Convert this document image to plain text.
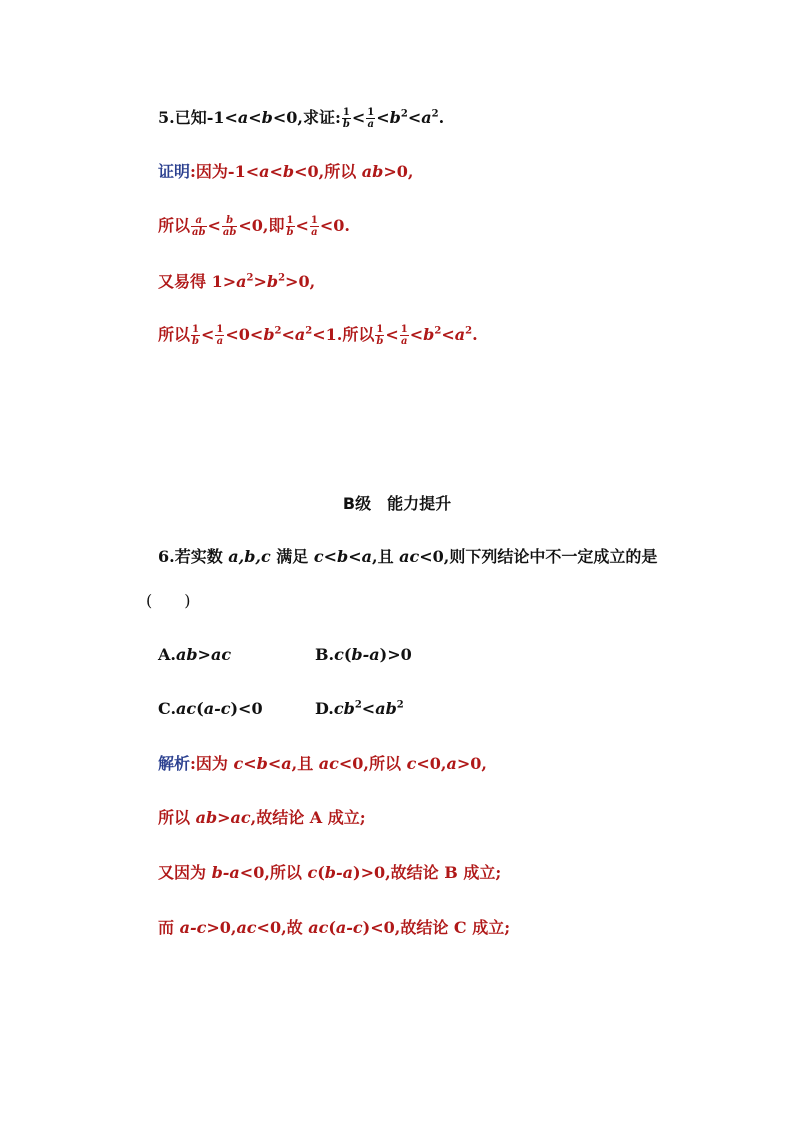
5.已知-1<a<b<0,求证: $\frac{1}{b} < \frac{1}{a} <b^2<a^2$.
证明:因为-1<a<b<0,所以 ab>0,
所以 $\frac{a}{ab} < \frac{b}{ab} <0$,即 $\frac{1}{b} < \frac{1}{a} <0$.
又易得 $1>a^2>b^2>0$,
所以 $\frac{1}{b} < \frac{1}{a} <0<b^2<a^2<1$.所以 $\frac{1}{b} < \frac{1}{a} <b^2<a^2$.
B级　能力提升
6.若实数 a,b,c 满足 c<b<a,且 ac<0,则下列结论中不一定成立的是
(　　)
A.ab>ac	B.c(b-a)>0
C.ac(a-c)<0	$D.cb^2<ab^2$
解析:因为 c<b<a,且 ac<0,所以 c<0,a>0,
所以 ab>ac,故结论 A 成立;
又因为 b-a<0,所以 c(b-a)>0,故结论 B 成立;
而 a-c>0,ac<0,故 ac(a-c)<0,故结论 C 成立;
